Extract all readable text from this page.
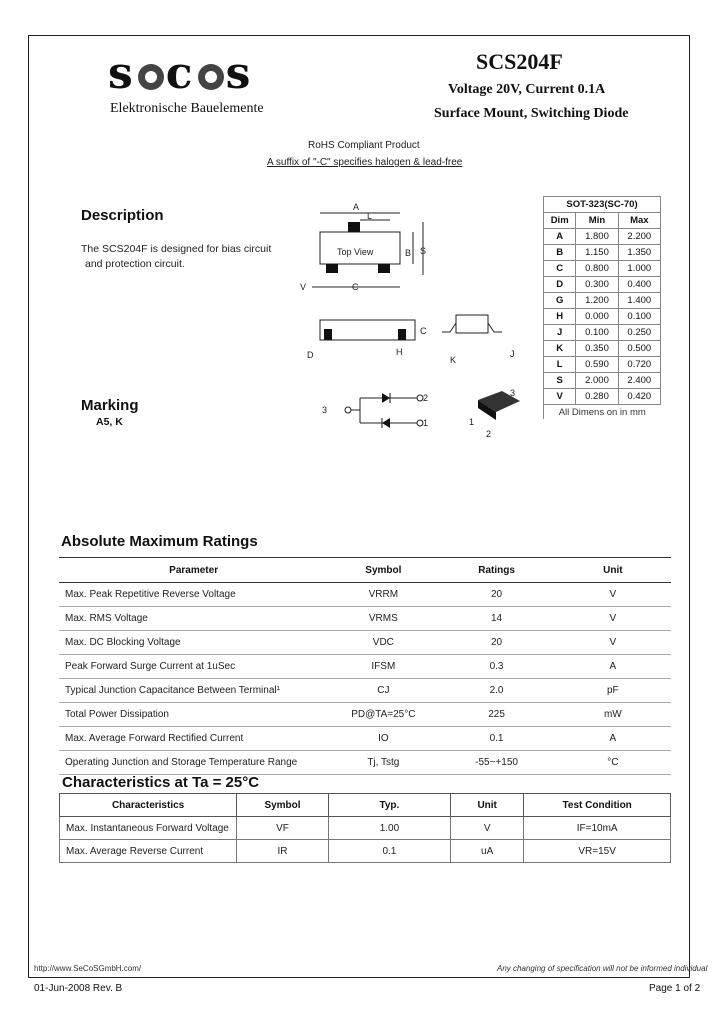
s c s
Elektronische Bauelemente
SCS204F
Voltage 20V, Current 0.1A
Surface Mount, Switching Diode
RoHS Compliant Product
A suffix of "-C" specifies halogen & lead-free
Description
The SCS204F is designed for bias circuit
and protection circuit.
Marking
A5, K
Top View
A
L
B S
V	C
D
C
H
K
J
3
2
1
3
1
2
SOT-323(SC-70)		
Dim	Min	Max
A	1.800	2.200
B	1.150	1.350
C	0.800	1.000
D	0.300	0.400
G	1.200	1.400
H	0.000	0.100
J	0.100	0.250
K	0.350	0.500
L	0.590	0.720
S	2.000	2.400
V	0.280	0.420
All Dimens on in mm		
Absolute Maximum Ratings
Parameter	Symbol	Ratings	Unit
Max. Peak Repetitive Reverse Voltage	VRRM	20	V
Max. RMS Voltage	VRMS	14	V
Max. DC Blocking Voltage	VDC	20	V
Peak Forward Surge Current at 1uSec	IFSM	0.3	A
Typical Junction Capacitance Between Terminal¹	CJ	2.0	pF
Total Power Dissipation	PD@TA=25°C	225	mW
Max. Average Forward Rectified Current	IO	0.1	A
Operating Junction and Storage Temperature Range	Tj, Tstg	-55~+150	°C
Characteristics at Ta = 25°C
Characteristics	Symbol	Typ.	Unit	Test Condition
Max. Instantaneous Forward Voltage	VF	1.00	V	IF=10mA
Max. Average Reverse Current	IR	0.1	uA	VR=15V
http://www.SeCoSGmbH.com/	Any changing of specification will not be informed individual
01-Jun-2008 Rev. B	Page 1 of 2
